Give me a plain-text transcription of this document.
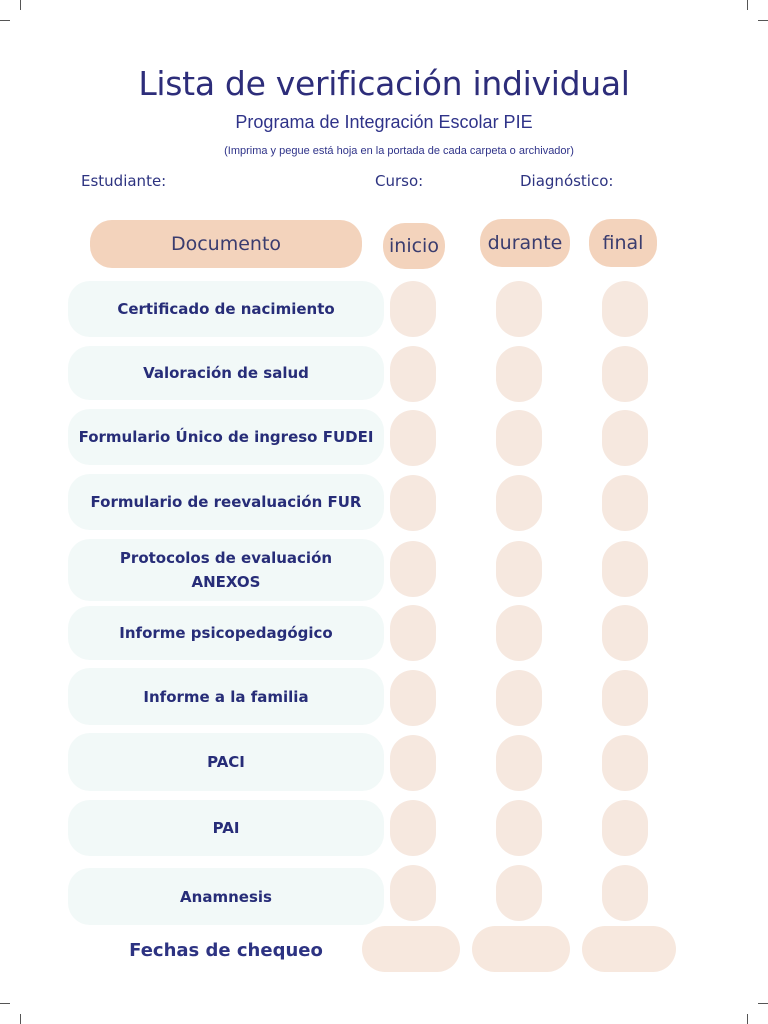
Lista de verificación individual
Programa de Integración Escolar PIE
(Imprima y pegue está hoja en la portada de cada carpeta o archivador)
Estudiante:	Curso:	Diagnóstico:
Documento	inicio	durante	final
Certificado de nacimiento
Valoración de salud
Formulario Único de ingreso FUDEI
Formulario de reevaluación FUR
Protocolos de evaluación
ANEXOS
Informe psicopedagógico
Informe a la familia
PACI
PAI
Anamnesis
Fechas de chequeo
